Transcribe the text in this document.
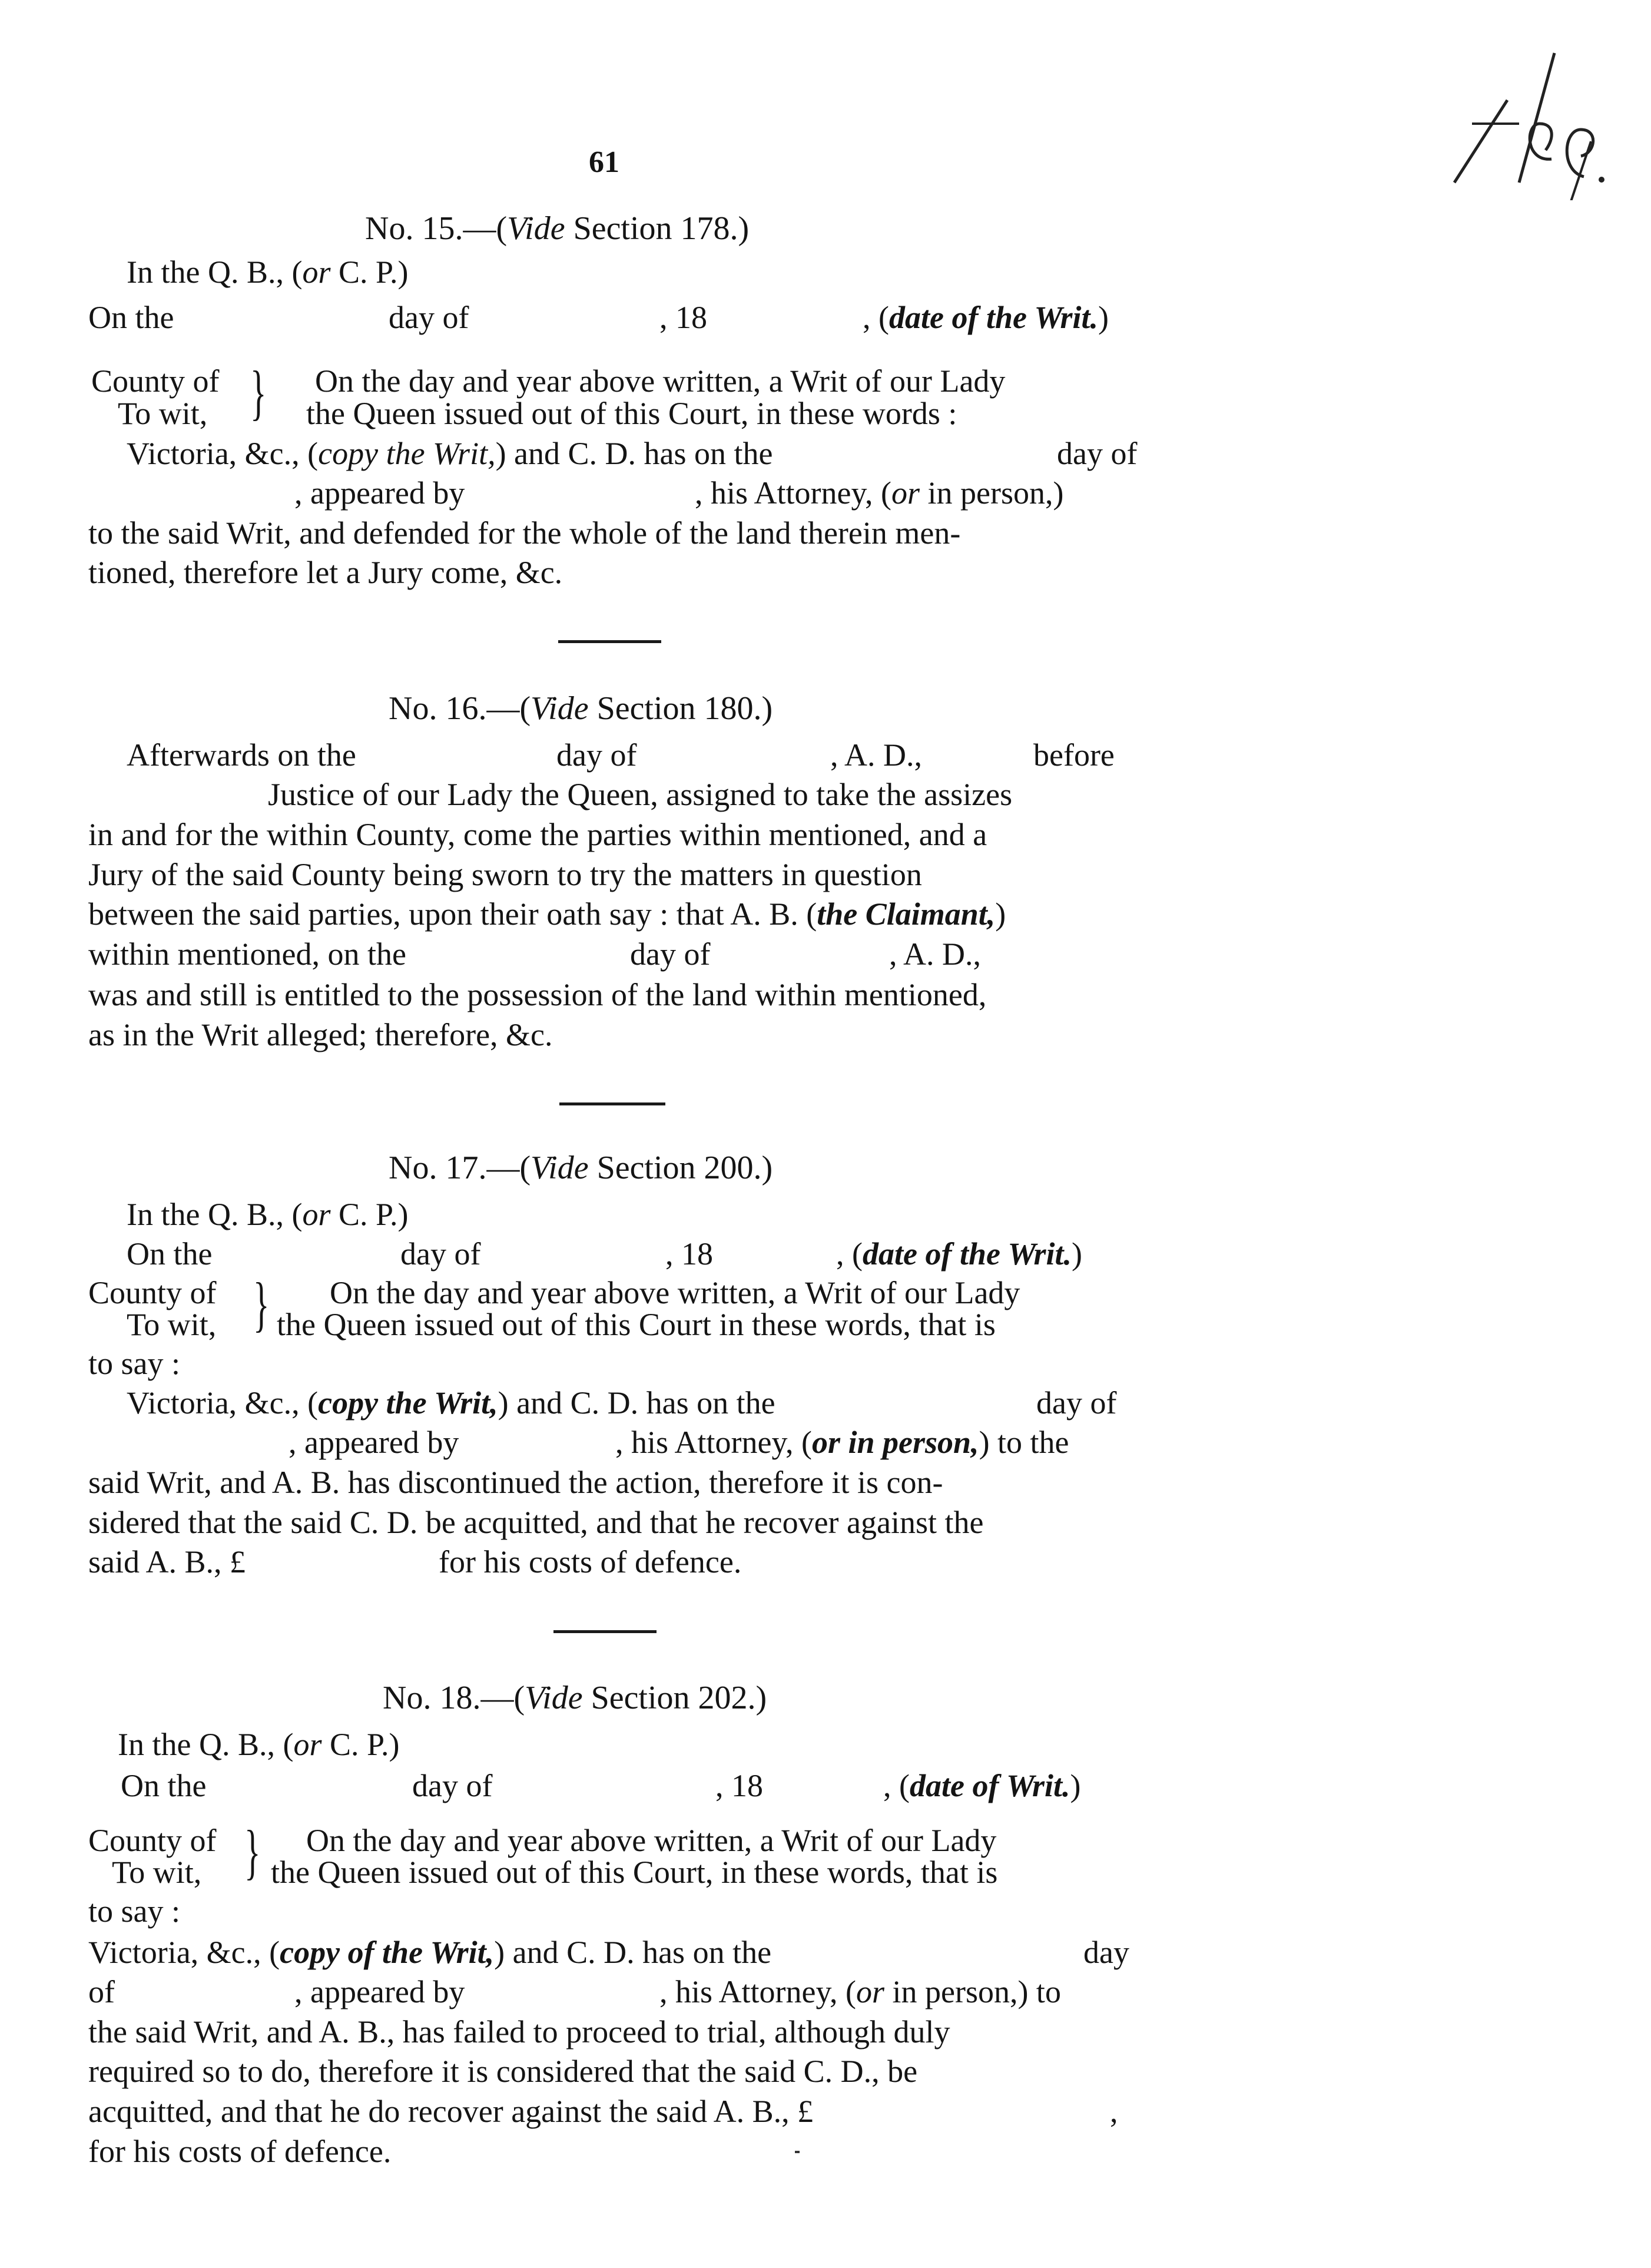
61
No. 15.—(Vide Section 178.)
In the Q. B., (or C. P.)
On the	day of	, 18	, (date of the Writ.)
County of
To wit, } On the day and year above written, a Writ of our Lady
the Queen issued out of this Court, in these words :
Victoria, &c., (copy the Writ,) and C. D. has on the	day of
, appeared by	, his Attorney, (or in person,)
to the said Writ, and defended for the whole of the land therein men-
tioned, therefore let a Jury come, &c.
No. 16.—(Vide Section 180.)
Afterwards on the	day of	, A. D.,	before
Justice of our Lady the Queen, assigned to take the assizes
in and for the within County, come the parties within mentioned, and a
Jury of the said County being sworn to try the matters in question
between the said parties, upon their oath say : that A. B. (the Claimant,)
within mentioned, on the	day of	, A. D.,
was and still is entitled to the possession of the land within mentioned,
as in the Writ alleged; therefore, &c.
No. 17.—(Vide Section 200.)
In the Q. B., (or C. P.)
On the	day of	, 18	, (date of the Writ.)
County of
To wit, } On the day and year above written, a Writ of our Lady
the Queen issued out of this Court in these words, that is
to say :
Victoria, &c., (copy the Writ,) and C. D. has on the	day of
, appeared by	, his Attorney, (or in person,) to the
said Writ, and A. B. has discontinued the action, therefore it is con-
sidered that the said C. D. be acquitted, and that he recover against the
said A. B., £	for his costs of defence.
No. 18.—(Vide Section 202.)
In the Q. B., (or C. P.)
On the	day of	, 18	, (date of Writ.)
County of
To wit, } On the day and year above written, a Writ of our Lady
the Queen issued out of this Court, in these words, that is
to say :
Victoria, &c., (copy of the Writ,) and C. D. has on the	day
of	, appeared by	, his Attorney, (or in person,) to
the said Writ, and A. B., has failed to proceed to trial, although duly
required so to do, therefore it is considered that the said C. D., be
acquitted, and that he do recover against the said A. B., £	,
for his costs of defence.
